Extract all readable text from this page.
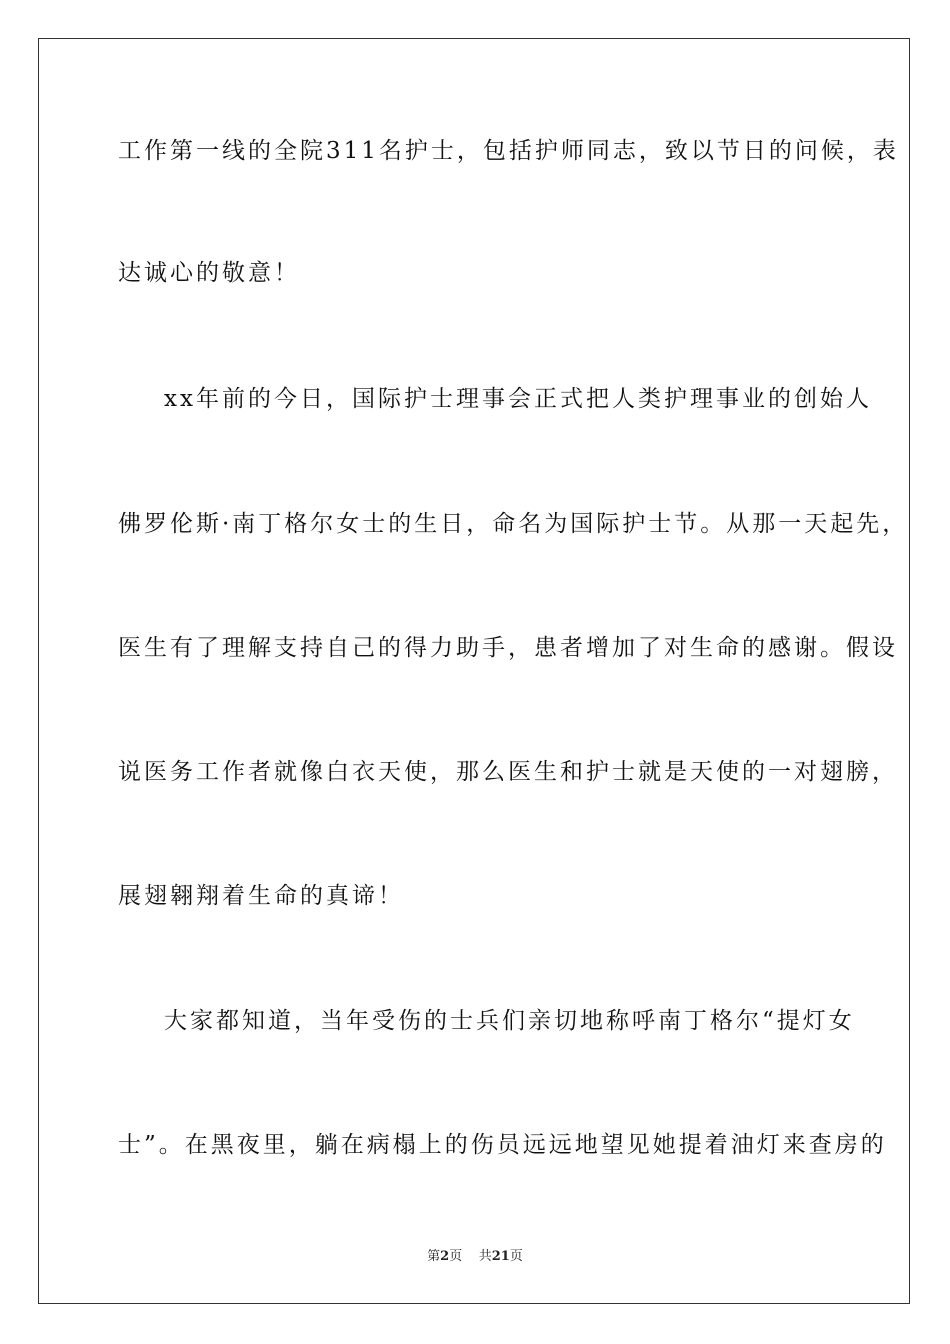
工作第一线的全院311名护士，包括护师同志，致以节日的问候，表
达诚心的敬意！
xx年前的今日，国际护士理事会正式把人类护理事业的创始人
佛罗伦斯·南丁格尔女士的生日，命名为国际护士节。从那一天起先，
医生有了理解支持自己的得力助手，患者增加了对生命的感谢。假设
说医务工作者就像白衣天使，那么医生和护士就是天使的一对翅膀，
展翅翱翔着生命的真谛！
大家都知道，当年受伤的士兵们亲切地称呼南丁格尔“提灯女
士”。在黑夜里，躺在病榻上的伤员远远地望见她提着油灯来查房的
第2页 共21页
